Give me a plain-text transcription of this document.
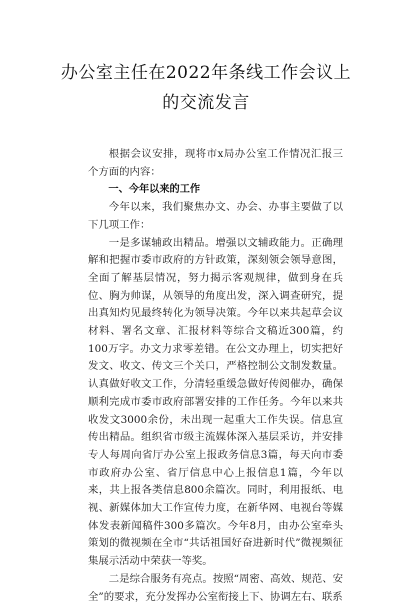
办公室主任在2022年条线工作会议上的交流发言

根据会议安排，现将市x局办公室工作情况汇报三个方面的内容：

一、今年以来的工作

今年以来，我们聚焦办文、办会、办事主要做了以下几项工作：

一是多谋辅政出精品。增强以文辅政能力。正确理解和把握市委市政府的方针政策，深刻领会领导意图，全面了解基层情况，努力揭示客观规律，做到身在兵位、胸为帅谋，从领导的角度出发，深入调查研究，提出真知灼见最终转化为领导决策。今年以来共起草会议材料、署名文章、汇报材料等综合文稿近300篇，约100万字。办文力求零差错。在公文办理上，切实把好发文、收文、传文三个关口，严格控制公文制发数量。认真做好收文工作，分清轻重缓急做好传阅催办，确保顺利完成市委市政府部署安排的工作任务。今年以来共收发文3000余份，未出现一起重大工作失误。信息宣传出精品。组织省市级主流媒体深入基层采访，并安排专人每周向省厅办公室上报政务信息3篇，每天向市委市政府办公室、省厅信息中心上报信息1篇，今年以来，共上报各类信息800余篇次。同时，利用报纸、电视、新媒体加大工作宣传力度，在新华网、电视台等媒体发表新闻稿件300多篇次。今年8月，由办公室牵头策划的微视频在全市“共话祖国好奋进新时代”微视频征集展示活动中荣获一等奖。

二是综合服务有亮点。按照“周密、高效、规范、安全”的要求，充分发挥办公室衔接上下、协调左右、联系
